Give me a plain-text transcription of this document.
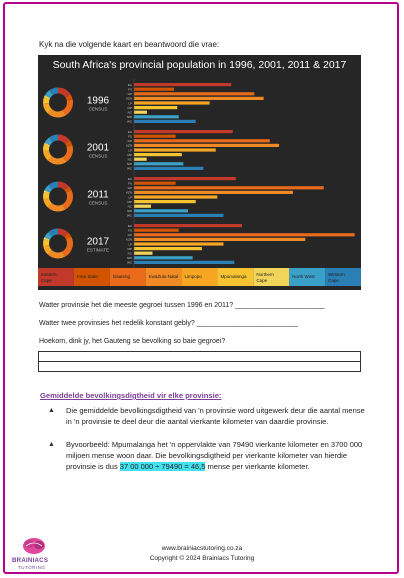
Kyk na die volgende kaart en beantwoord die vrae:
South Africa's provincial population in 1996, 2001, 2011 & 2017
1996
CENSUS
EC
FS
GP
KZN
LP
MP
NC
NW
WC
2001
CENSUS
EC
FS
GP
KZN
LP
MP
NC
NW
WC
2011
CENSUS
EC
FS
GP
KZN
LP
MP
NC
NW
WC
2017
ESTIMATE
EC
FS
GP
KZN
LP
MP
NC
NW
WC
Eastern
Cape
Free State	Gauteng	KwaZulu-Natal Limpopo	Mpumalanga Northern
Cape
North West	Western
Cape
Watter provinsie het die meeste gegroei tussen 1996 en 2011? _______________________
Watter twee provinsies het redelik konstant gebly? __________________________
Hoekom, dink jy, het Gauteng se bevolking so baie gegroei?
Gemiddelde bevolkingsdigtheid vir elke provinsie:
▲ Die gemiddelde bevolkingsdigtheid van 'n provinsie word uitgewerk deur die aantal mense in 'n provinsie te deel deur die aantal vierkante kilometer van daardie provinsie.
▲ Byvoorbeeld: Mpumalanga het 'n oppervlakte van 79490 vierkante kilometer en 3700 000 miljoen mense woon daar. Die bevolkingsdigtheid per vierkante kilometer van hierdie provinsie is dus 37 00 000 ÷ 79490 = 46,5 mense per vierkante kilometer.
www.brainiacstutoring.co.za
Copyright © 2024 Brainiacs Tutoring
BRAINIACS
TUTORING
